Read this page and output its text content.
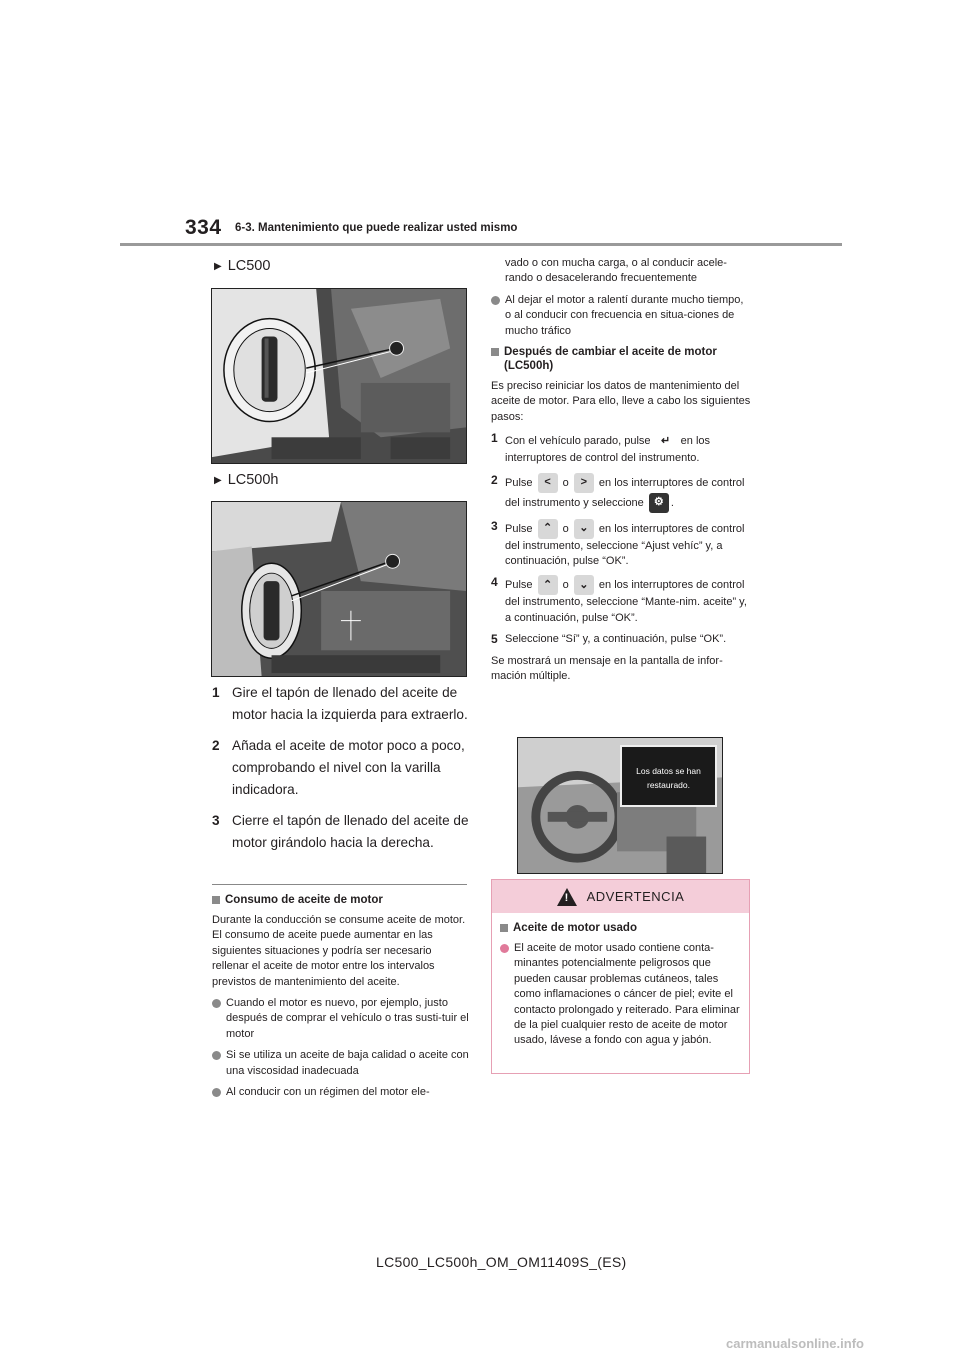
334 6-3. Mantenimiento que puede realizar usted mismo
▶ LC500
▶ LC500h
1 Gire el tapón de llenado del aceite de motor hacia la izquierda para extraerlo.
2 Añada el aceite de motor poco a poco, comprobando el nivel con la varilla indicadora.
3 Cierre el tapón de llenado del aceite de motor girándolo hacia la derecha.
Consumo de aceite de motor
Durante la conducción se consume aceite de motor. El consumo de aceite puede aumentar en las siguientes situaciones y podría ser necesario rellenar el aceite de motor entre los intervalos previstos de mantenimiento del aceite.
Cuando el motor es nuevo, por ejemplo, justo después de comprar el vehículo o tras susti-tuir el motor
Si se utiliza un aceite de baja calidad o aceite con una viscosidad inadecuada
Al conducir con un régimen del motor ele-
vado o con mucha carga, o al conducir acele-rando o desacelerando frecuentemente
Al dejar el motor a ralentí durante mucho tiempo, o al conducir con frecuencia en situa-ciones de mucho tráfico
Después de cambiar el aceite de motor (LC500h)
Es preciso reiniciar los datos de mantenimiento del aceite de motor. Para ello, lleve a cabo los siguientes pasos:
1 Con el vehículo parado, pulse ↵ en los interruptores de control del instrumento.
2 Pulse < o > en los interruptores de control del instrumento y seleccione ⚙ .
3 Pulse ⌃ o ⌄ en los interruptores de control del instrumento, seleccione “Ajust vehíc” y, a continuación, pulse “OK”.
4 Pulse ⌃ o ⌄ en los interruptores de control del instrumento, seleccione “Mante-nim. aceite” y, a continuación, pulse “OK”.
5 Seleccione “Sí” y, a continuación, pulse “OK”.
Se mostrará un mensaje en la pantalla de infor-mación múltiple.
Los datos se han
restaurado.
! ADVERTENCIA
Aceite de motor usado
El aceite de motor usado contiene conta-minantes potencialmente peligrosos que pueden causar problemas cutáneos, tales como inflamaciones o cáncer de piel; evite el contacto prolongado y reiterado. Para eliminar de la piel cualquier resto de aceite de motor usado, lávese a fondo con agua y jabón.
LC500_LC500h_OM_OM11409S_(ES)
carmanualsonline.info
